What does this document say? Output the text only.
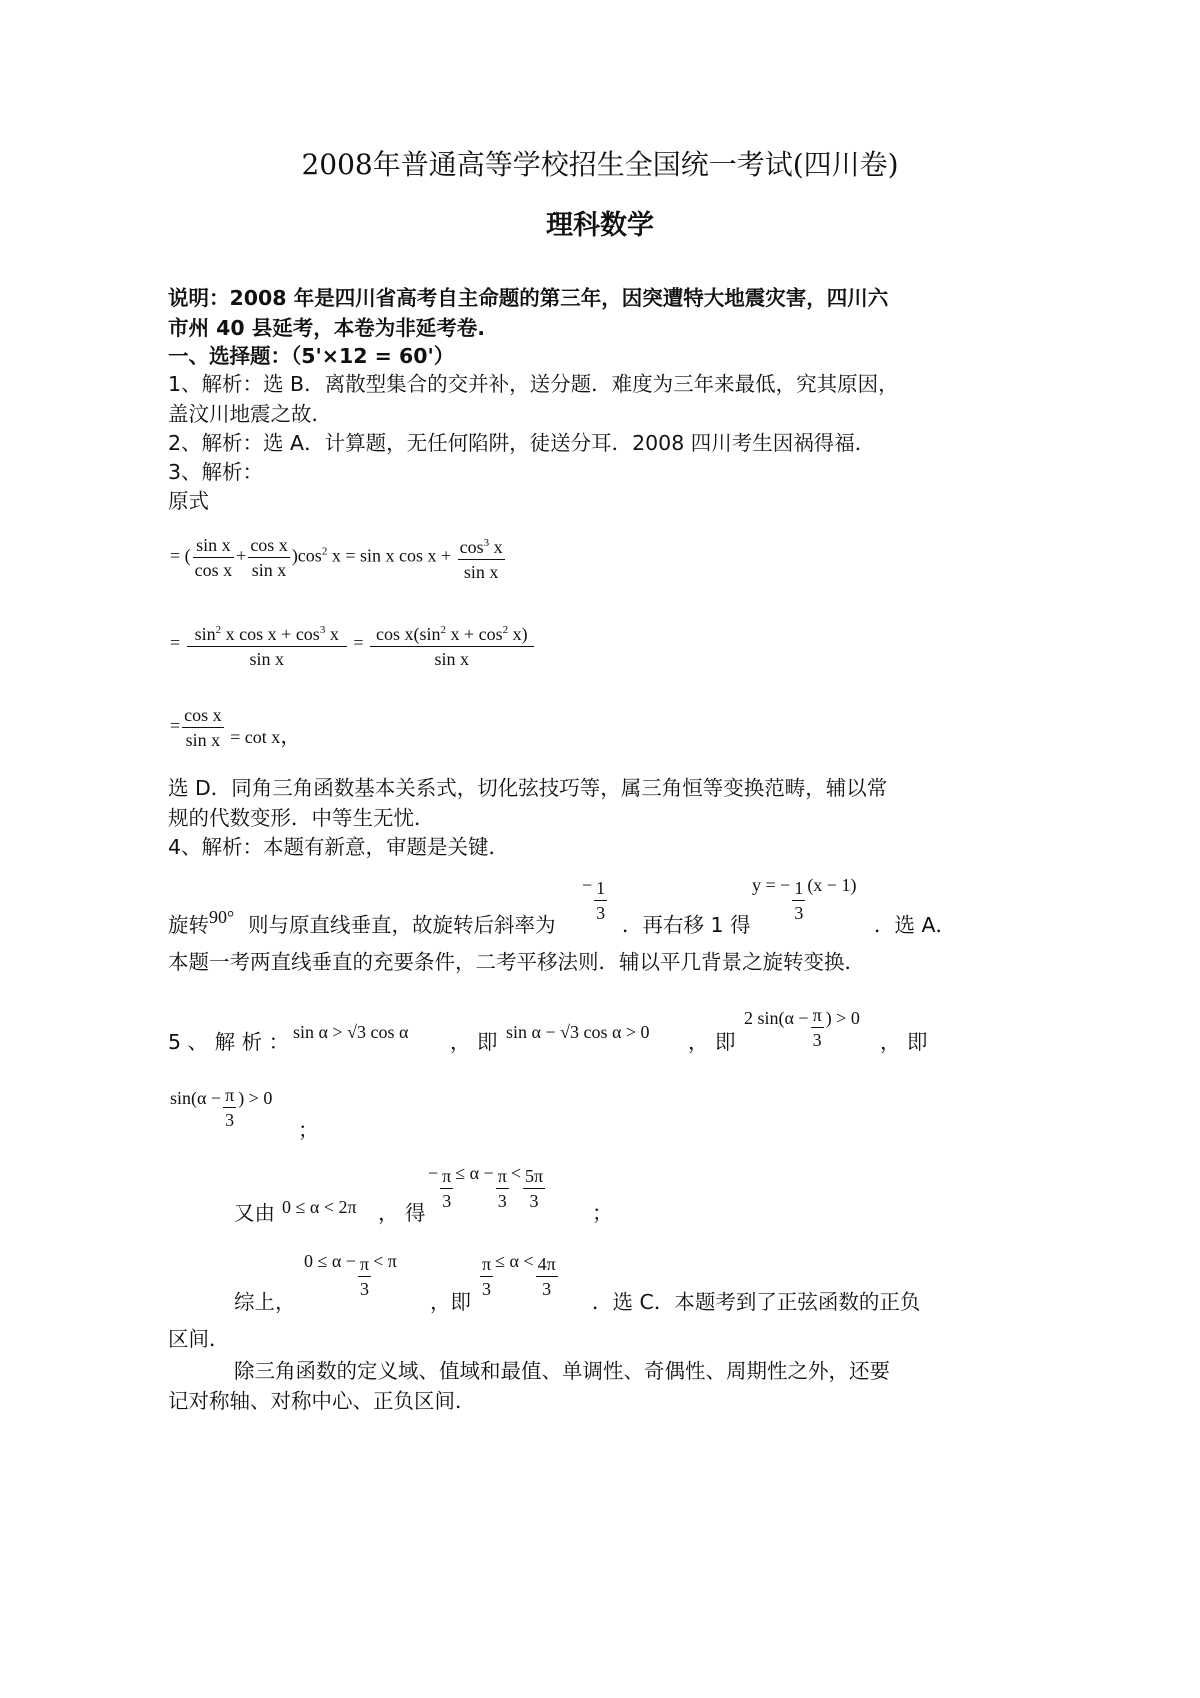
2008年普通高等学校招生全国统一考试(四川卷)
理科数学
说明：2008 年是四川省高考自主命题的第三年，因突遭特大地震灾害，四川六
市州 40 县延考，本卷为非延考卷.
一、选择题：（5'×12 = 60'）
1、解析：选 B．离散型集合的交并补，送分题．难度为三年来最低，究其原因，
盖汶川地震之故．
2、解析：选 A．计算题，无任何陷阱，徒送分耳．2008 四川考生因祸得福．
3、解析：
原式
= ( $\frac{\text{sin x}}{\text{cos x}} + \frac{\text{cos x}}{\text{sin x}} )\cos^2$ x = sin x $\cos x + \frac{\cos^3 x}{\text{sin x}}$
= $\frac{\sin^2 x \cos x + \cos^3 x}{\text{sin x}} = \frac{\cos x(\sin^2 x + \cos^2 x)}{\text{sin x}}$
= $\frac{\text{cos x}}{\text{sin x}} = \cot x$，
选 D．同角三角函数基本关系式，切化弦技巧等，属三角恒等变换范畴，辅以常
规的代数变形．中等生无忧．
4、解析：本题有新意，审题是关键．
旋转 90° 则与原直线垂直，故旋转后斜率为
− $\frac{1}{3}$
．再右移 1 得
y = − $\frac{1}{3} (x - 1)$
．选 A．
本题一考两直线垂直的充要条件，二考平移法则．辅以平几背景之旋转变换．
5 、 解 析 ： sin α > √3 cos α ， 即 sin α − √3 cos α > 0 ， 即
2 $\sin(\alpha - \frac{\pi}{3}$ ) > 0
， 即
$\sin(\alpha - \frac{\pi}{3}$ ) > 0
；
又由 0 ≤ α < 2π ， 得
− $\frac{\pi}{3} \le \alpha - \frac{\pi}{3} < \frac{5\pi}{3}$
；
综上，
$0 \le \alpha - \frac{\pi}{3} < \pi$
，即
$\frac{\pi}{3} \le \alpha < \frac{4\pi}{3}$
．选 C．本题考到了正弦函数的正负
区间．
除三角函数的定义域、值域和最值、单调性、奇偶性、周期性之外，还要
记对称轴、对称中心、正负区间．
